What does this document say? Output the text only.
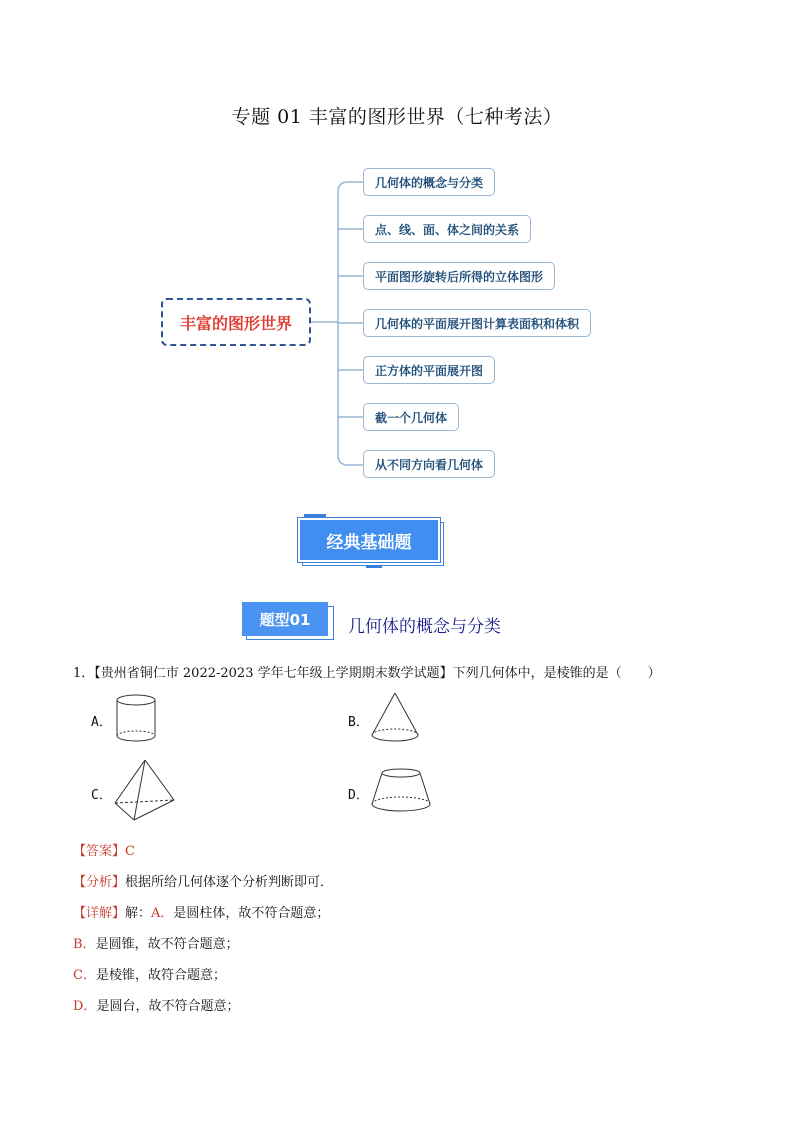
专题 01 丰富的图形世界（七种考法）
丰富的图形世界
几何体的概念与分类
点、线、面、体之间的关系
平面图形旋转后所得的立体图形
几何体的平面展开图计算表面积和体积
正方体的平面展开图
截一个几何体
从不同方向看几何体
经典基础题
题型01	几何体的概念与分类
1．【贵州省铜仁市 2022-2023 学年七年级上学期期末数学试题】下列几何体中，是棱锥的是（　　）
A．	B．
C．	D．
【答案】C
【分析】根据所给几何体逐个分析判断即可．
【详解】解：A．是圆柱体，故不符合题意；
B．是圆锥，故不符合题意；
C．是棱锥，故符合题意；
D．是圆台，故不符合题意；
